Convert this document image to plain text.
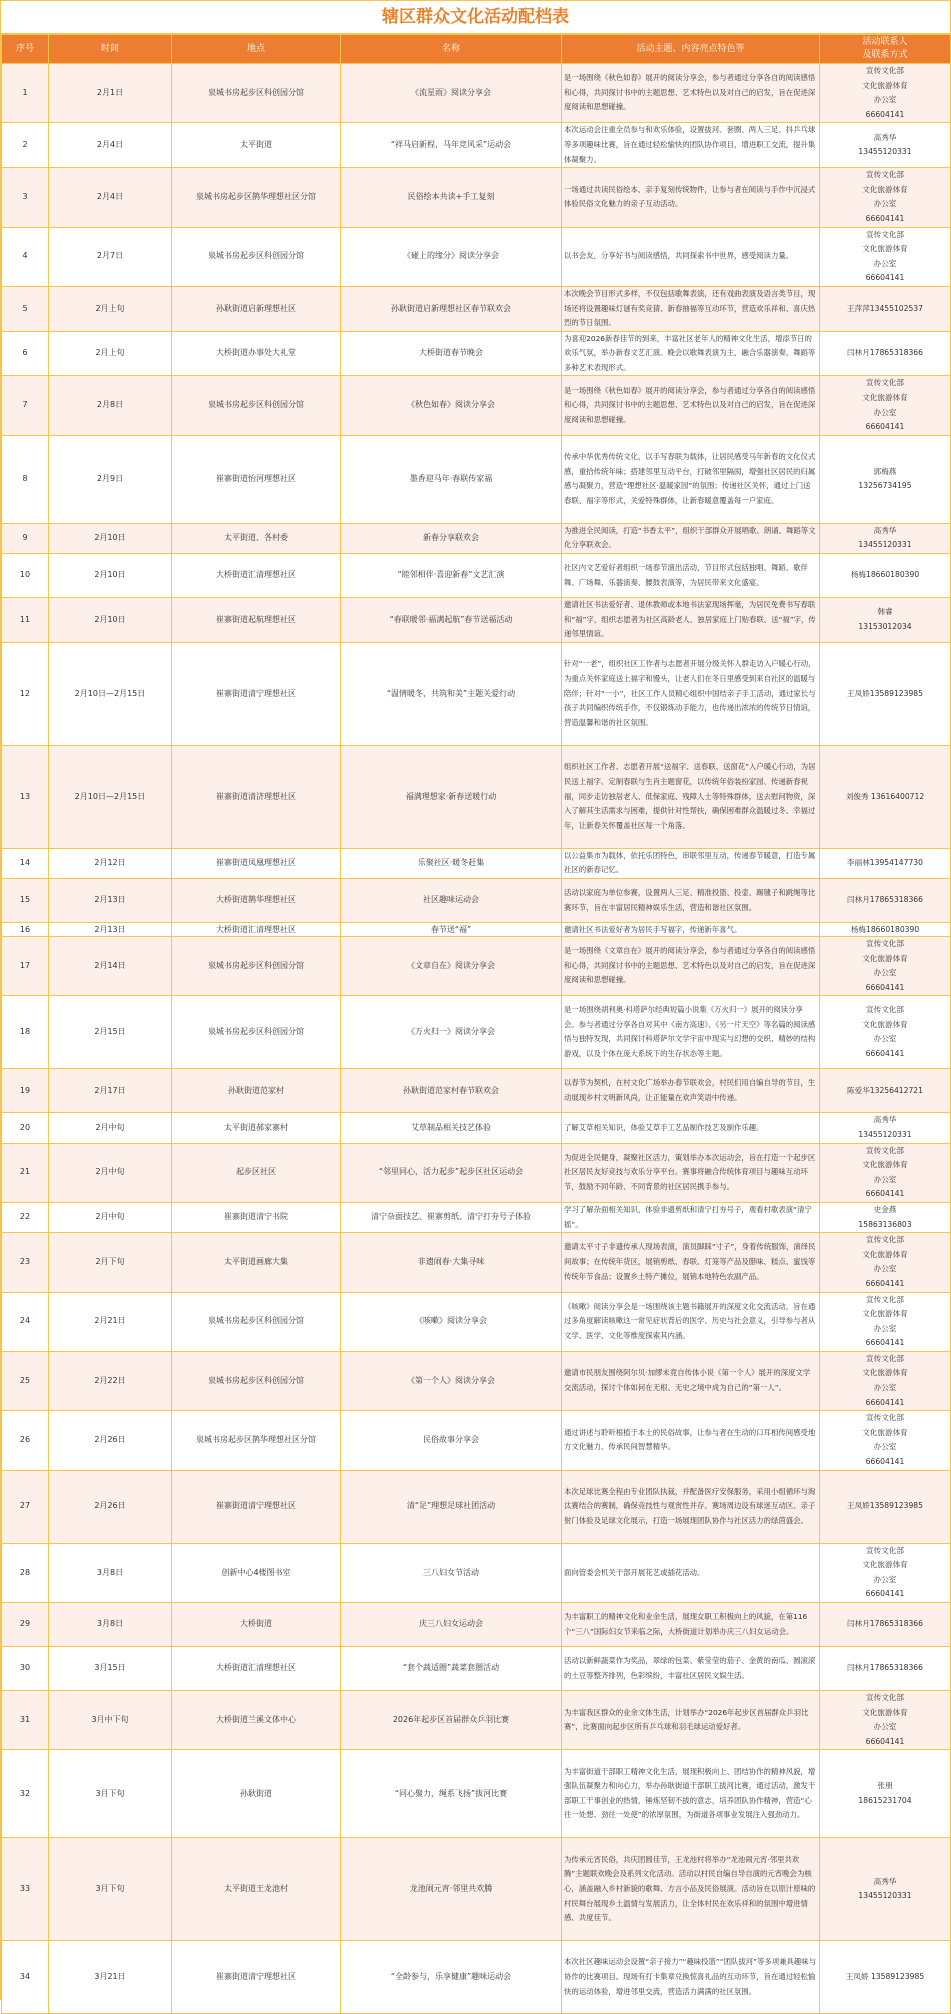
辖区群众文化活动配档表
序号	时间	地点	名称	活动主题、内容亮点特色等	活动联系人
及联系方式
1	2月1日	泉城书房起步区科创园分馆	《流星雨》阅读分享会	是一场围绕《秋色如春》展开的阅读分享会，参与者通过分享各自的阅读感悟和心得，共同探讨书中的主题思想、艺术特色以及对自己的启发，旨在促进深度阅读和思想碰撞。	宣传文化部
文化旅游体育
办公室
66604141
2	2月4日	太平街道	“祥马启新程，马年竞风采”运动会	本次运动会注重全员参与和欢乐体验，设置拔河、套圈、两人三足、抖乒乓球等多项趣味比赛，旨在通过轻松愉快的团队协作项目，增进职工交流，提升集体凝聚力。	高秀华
13455120331
3	2月4日	泉城书房起步区鹊华理想社区分馆	民俗绘本共读+手工复刻	一场通过共读民俗绘本、亲手复刻传统物件，让参与者在阅读与手作中沉浸式体验民俗文化魅力的亲子互动活动。	宣传文化部
文化旅游体育
办公室
66604141
4	2月7日	泉城书房起步区科创园分馆	《碰上的缘分》阅读分享会	以书会友，分享好书与阅读感悟，共同探索书中世界，感受阅读力量。	宣传文化部
文化旅游体育
办公室
66604141
5	2月上旬	孙耿街道启新理想社区	孙耿街道启新理想社区春节联欢会	本次晚会节目形式多样，不仅包括歌舞表演，还有戏曲表演及语言类节目，现场还将设置趣味灯谜有奖竞猜、新春抽福等互动环节，营造欢乐祥和、喜庆热烈的节日氛围。	王萍萍13455102537
6	2月上旬	大桥街道办事处大礼堂	大桥街道春节晚会	为喜迎2026新春佳节的到来，丰富社区老年人的精神文化生活，增添节日的欢乐气氛，举办新春文艺汇演。晚会以歌舞表演为主，融合乐器演奏、舞蹈等多种艺术表现形式。	闫林月17865318366
7	2月8日	泉城书房起步区科创园分馆	《秋色如春》阅读分享会	是一场围绕《秋色如春》展开的阅读分享会，参与者通过分享各自的阅读感悟和心得，共同探讨书中的主题思想、艺术特色以及对自己的启发，旨在促进深度阅读和思想碰撞。	宣传文化部
文化旅游体育
办公室
66604141
8	2月9日	崔寨街道怡河理想社区	墨香迎马年·春联传家福	传承中华优秀传统文化，以手写春联为载体，让居民感受马年新春的文化仪式感，重拾传统年味；搭建邻里互动平台，打破邻里隔阂，增强社区居民的归属感与凝聚力，营造“理想社区·温暖家园”的氛围；传递社区关怀，通过上门送春联、福字等形式，关爱特殊群体，让新春暖意覆盖每一户家庭。	郭梅燕
13256734195
9	2月10日	太平街道、各村委	新春分享联欢会	为推进全民阅读，打造“书香太平”，组织干部群众开展唱歌、朗诵、舞蹈等文化分享联欢会。	高秀华
13455120331
10	2月10日	大桥街道汇清理想社区	“睦邻相伴·喜迎新春”文艺汇演	社区内文艺爱好者组织一场春节演出活动，节目形式包括独唱、舞蹈、歌伴舞、广场舞、乐器演奏、腰鼓表演等，为居民带来文化盛宴。	杨梅18660180390
11	2月10日	崔寨街道起航理想社区	“春联暖邻·福满起航”春节送福活动	邀请社区书法爱好者、退休教师或本地书法家现场挥毫，为居民免费书写春联和“福”字，组织志愿者为社区高龄老人、独居家庭上门贴春联、送“福”字，传递邻里情谊。	韩睿
13153012034
12	2月10日—2月15日	崔寨街道清宁理想社区	“温情暖冬，共筑和美”主题关爱行动	针对“一老”，组织社区工作者与志愿者开展分级关怀人群走访入户暖心行动，为重点关怀家庭送上福字和馒头，让老人们在冬日里感受到来自社区的温暖与陪伴；针对“一小”，社区工作人员精心组织中国结亲子手工活动，通过家长与孩子共同编织传统手作，不仅锻炼动手能力，也传递出浓浓的传统节日情谊，营造温馨和谐的社区氛围。	王凤娇13589123985
13	2月10日—2月15日	崔寨街道清济理想社区	福满理想家·新春送暖行动	组织社区工作者、志愿者开展“送福字、送春联、送窗花”入户暖心行动，为居民送上福字、定制春联与生肖主题窗花，以传统年俗装扮家园、传递新春祝福，同步走访独居老人、低保家庭、残障人士等特殊群体，送去慰问物资，深入了解其生活需求与困难，提供针对性帮扶，确保困难群众温暖过冬、幸福过年，让新春关怀覆盖社区每一个角落。	刘俊秀 13616400712
14	2月12日	崔寨街道凤凰理想社区	乐聚社区·暖冬赶集	以公益集市为载体，依托乐团特色，串联邻里互动，传递春节暖意，打造专属社区的新春记忆。	李丽林13954147730
15	2月13日	大桥街道鹊华理想社区	社区趣味运动会	活动以家庭为单位参赛，设置两人三足、精准投篮、投壶、踢毽子和跳绳等比赛环节，旨在丰富居民精神娱乐生活，营造和谐社区氛围。	闫林月17865318366
16	2月13日	大桥街道汇清理想社区	春节送“福”	邀请社区书法爱好者为居民手写福字，传递新年喜气。	杨梅18660180390
17	2月14日	泉城书房起步区科创园分馆	《文章自在》阅读分享会	是一场围绕《文章自在》展开的阅读分享会，参与者通过分享各自的阅读感悟和心得，共同探讨书中的主题思想、艺术特色以及对自己的启发，旨在促进深度阅读和思想碰撞。	宣传文化部
文化旅游体育
办公室
66604141
18	2月15日	泉城书房起步区科创园分馆	《万火归一》阅读分享会	是一场围绕胡利奥·科塔萨尔经典短篇小说集《万火归一》展开的阅读分享会。参与者通过分享各自对其中《南方高速》、《另一片天空》等名篇的阅读感悟与独特发现，共同探讨科塔萨尔文学宇宙中现实与幻想的交织、精妙的结构游戏，以及个体在庞大系统下的生存状态等主题。	宣传文化部
文化旅游体育
办公室
66604141
19	2月17日	孙耿街道范家村	孙耿街道范家村春节联欢会	以春节为契机，在村文化广场举办春节联欢会，村民们用自编自导的节目，生动展现乡村文明新风尚，让正能量在欢声笑语中传递。	陈爱华13256412721
20	2月中旬	太平街道郝家寨村	艾草制品相关技艺体验	了解艾草相关知识，体验艾草手工艺品制作技艺及制作乐趣。	高秀华
13455120331
21	2月中旬	起步区社区	“邻里同心，活力起步”起步区社区运动会	为促进全民健身，凝聚社区活力，策划举办本次运动会，旨在打造一个起步区社区居民友好竞技与欢乐分享平台。赛事将融合传统体育项目与趣味互动环节，鼓励不同年龄、不同背景的社区居民携手参与。	宣传文化部
文化旅游体育
办公室
66604141
22	2月中旬	崔寨街道清宁书院	清宁杂面技艺、崔寨剪纸、清宁打夯号子体验	学习了解杂面相关知识，体验非遗剪纸和清宁打夯号子，观看村歌表演“清宁摇”。	史金燕
15863136803
23	2月下旬	太平街道画廊大集	非遗闹春·大集寻味	邀请太平寸子非遗传承人现场表演，演员脚踩“寸子”，身着传统服饰，演绎民间故事；在传统年货区，展销剪纸、春联、灯笼等产品及腊味、糕点、蜜饯等传统年节食品；设置乡土特产摊位，展销本地特色农副产品。	宣传文化部
文化旅游体育
办公室
66604141
24	2月21日	泉城书房起步区科创园分馆	《咳嗽》阅读分享会	《咳嗽》阅读分享会是一场围绕该主题书籍展开的深度文化交流活动，旨在通过多角度解读咳嗽这一常见症状背后的医学、历史与社会意义，引导参与者从文学、医学、文化等维度探索其内涵。	宣传文化部
文化旅游体育
办公室
66604141
25	2月22日	泉城书房起步区科创园分馆	《第一个人》阅读分享会	邀请市民朋友围绕阿尔贝·加缪未竟自传体小说《第一个人》展开的深度文学交流活动，探讨个体如何在无根、无史之境中成为自己的“第一人”。	宣传文化部
文化旅游体育
办公室
66604141
26	2月26日	泉城书房起步区鹊华理想社区分馆	民俗故事分享会	通过讲述与聆听根植于本土的民俗故事，让参与者在生动的口耳相传间感受地方文化魅力、传承民间智慧精华。	宣传文化部
文化旅游体育
办公室
66604141
27	2月26日	崔寨街道清宁理想社区	清“足”理想足球社团活动	本次足球比赛全程由专业团队执裁，并配备医疗安保服务，采用小组循环与淘汰赛结合的赛制，确保竞技性与观赏性并存。赛场周边设有球迷互动区、亲子射门体验及足球文化展示，打造一场展现团队协作与社区活力的绿茵盛会。	王凤娇13589123985
28	3月8日	创新中心4楼图书室	三八妇女节活动	面向管委会机关干部开展花艺或插花活动。	宣传文化部
文化旅游体育
办公室
66604141
29	3月8日	大桥街道	庆三八妇女运动会	为丰富职工的精神文化和业余生活，展现女职工积极向上的风貌，在第116个“三八”国际妇女节来临之际，大桥街道计划举办庆三八妇女运动会。	闫林月17865318366
30	3月15日	大桥街道汇清理想社区	“套个蔬适圈”蔬菜套圈活动	活动以新鲜蔬菜作为奖品，翠绿的包菜、紫莹莹的茄子、金黄的南瓜、圆滚滚的土豆等整齐排列，色彩缤纷，丰富社区居民文娱生活。	闫林月17865318366
31	3月中下旬	大桥街道兰溪文体中心	2026年起步区首届群众乒羽比赛	为丰富我区群众的业余文体生活，计划举办“2026年起步区首届群众乒羽比赛”，比赛面向起步区所有乒乓球和羽毛球运动爱好者。	宣传文化部
文化旅游体育
办公室
66604141
32	3月下旬	孙耿街道	“同心聚力，绳系飞扬”拔河比赛	为丰富街道干部职工精神文化生活，展现积极向上、团结协作的精神风貌，增强队伍凝聚力和向心力，举办孙耿街道干部职工拔河比赛，通过活动，激发干部职工干事创业的热情，锤炼坚韧不拔的意志，培养团队协作精神，营造“心往一处想、劲往一处使”的浓厚氛围，为街道各项事业发展注入强劲动力。	张朋
18615231704
33	3月下旬	太平街道王龙池村	龙池闹元宵·邻里共欢腾	为传承元宵民俗，共庆团圆佳节，王龙池村将举办“龙池闹元宵·邻里共欢腾”主题联欢晚会及系列文化活动。活动以村民自编自导自演的元宵晚会为核心，涵盖融入乡村新貌的歌舞、方言小品及民俗展演。活动旨在以原汁原味的村民舞台展现乡土温情与发展活力，让全体村民在欢乐祥和的氛围中增进情感、共度佳节。	高秀华
13455120331
34	3月21日	崔寨街道清宁理想社区	“全龄参与，乐享健康”趣味运动会	本次社区趣味运动会设置“亲子接力”“趣味投篮”“团队拔河”等多项兼具趣味与协作的比赛项目。现场有打卡集章兑换惊喜礼品的互动环节，旨在通过轻松愉快的运动体验，增进邻里交流，营造活力满满的社区氛围。	王凤娇 13589123985
